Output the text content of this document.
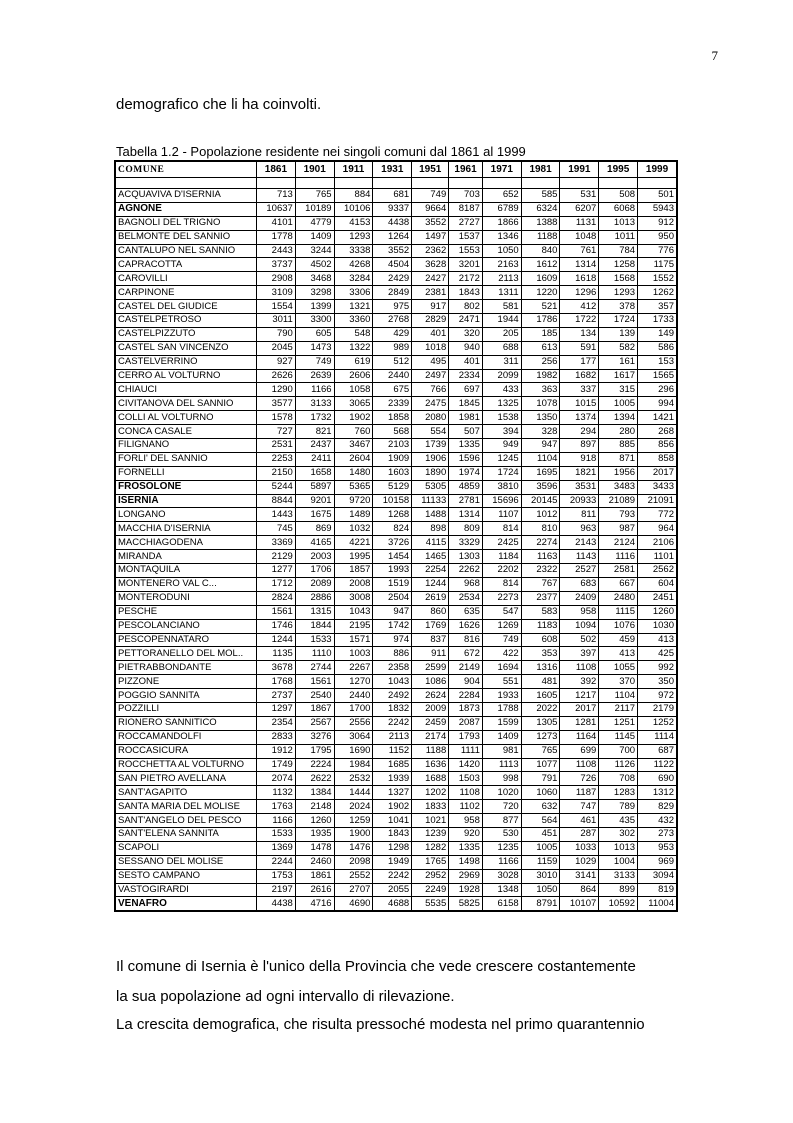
7
demografico che li ha coinvolti.
Tabella 1.2 - Popolazione residente nei singoli comuni dal 1861 al 1999
COMUNE	1861	1901	1911	1931	1951	1961	1971	1981	1991	1995	1999

ACQUAVIVA D'ISERNIA	713	765	884	681	749	703	652	585	531	508	501
AGNONE	10637	10189	10106	9337	9664	8187	6789	6324	6207	6068	5943
BAGNOLI DEL TRIGNO	4101	4779	4153	4438	3552	2727	1866	1388	1131	1013	912
BELMONTE DEL SANNIO	1778	1409	1293	1264	1497	1537	1346	1188	1048	1011	950
CANTALUPO NEL SANNIO	2443	3244	3338	3552	2362	1553	1050	840	761	784	776
CAPRACOTTA	3737	4502	4268	4504	3628	3201	2163	1612	1314	1258	1175
CAROVILLI	2908	3468	3284	2429	2427	2172	2113	1609	1618	1568	1552
CARPINONE	3109	3298	3306	2849	2381	1843	1311	1220	1296	1293	1262
CASTEL DEL GIUDICE	1554	1399	1321	975	917	802	581	521	412	378	357
CASTELPETROSO	3011	3300	3360	2768	2829	2471	1944	1786	1722	1724	1733
CASTELPIZZUTO	790	605	548	429	401	320	205	185	134	139	149
CASTEL SAN VINCENZO	2045	1473	1322	989	1018	940	688	613	591	582	586
CASTELVERRINO	927	749	619	512	495	401	311	256	177	161	153
CERRO AL VOLTURNO	2626	2639	2606	2440	2497	2334	2099	1982	1682	1617	1565
CHIAUCI	1290	1166	1058	675	766	697	433	363	337	315	296
CIVITANOVA DEL SANNIO	3577	3133	3065	2339	2475	1845	1325	1078	1015	1005	994
COLLI AL VOLTURNO	1578	1732	1902	1858	2080	1981	1538	1350	1374	1394	1421
CONCA CASALE	727	821	760	568	554	507	394	328	294	280	268
FILIGNANO	2531	2437	3467	2103	1739	1335	949	947	897	885	856
FORLI' DEL SANNIO	2253	2411	2604	1909	1906	1596	1245	1104	918	871	858
FORNELLI	2150	1658	1480	1603	1890	1974	1724	1695	1821	1956	2017
FROSOLONE	5244	5897	5365	5129	5305	4859	3810	3596	3531	3483	3433
ISERNIA	8844	9201	9720	10158	11133	2781	15696	20145	20933	21089	21091
LONGANO	1443	1675	1489	1268	1488	1314	1107	1012	811	793	772
MACCHIA D'ISERNIA	745	869	1032	824	898	809	814	810	963	987	964
MACCHIAGODENA	3369	4165	4221	3726	4115	3329	2425	2274	2143	2124	2106
MIRANDA	2129	2003	1995	1454	1465	1303	1184	1163	1143	1116	1101
MONTAQUILA	1277	1706	1857	1993	2254	2262	2202	2322	2527	2581	2562
MONTENERO VAL C...	1712	2089	2008	1519	1244	968	814	767	683	667	604
MONTERODUNI	2824	2886	3008	2504	2619	2534	2273	2377	2409	2480	2451
PESCHE	1561	1315	1043	947	860	635	547	583	958	1115	1260
PESCOLANCIANO	1746	1844	2195	1742	1769	1626	1269	1183	1094	1076	1030
PESCOPENNATARO	1244	1533	1571	974	837	816	749	608	502	459	413
PETTORANELLO DEL MOL..	1135	1110	1003	886	911	672	422	353	397	413	425
PIETRABBONDANTE	3678	2744	2267	2358	2599	2149	1694	1316	1108	1055	992
PIZZONE	1768	1561	1270	1043	1086	904	551	481	392	370	350
POGGIO SANNITA	2737	2540	2440	2492	2624	2284	1933	1605	1217	1104	972
POZZILLI	1297	1867	1700	1832	2009	1873	1788	2022	2017	2117	2179
RIONERO SANNITICO	2354	2567	2556	2242	2459	2087	1599	1305	1281	1251	1252
ROCCAMANDOLFI	2833	3276	3064	2113	2174	1793	1409	1273	1164	1145	1114
ROCCASICURA	1912	1795	1690	1152	1188	1111	981	765	699	700	687
ROCCHETTA AL VOLTURNO	1749	2224	1984	1685	1636	1420	1113	1077	1108	1126	1122
SAN PIETRO AVELLANA	2074	2622	2532	1939	1688	1503	998	791	726	708	690
SANT'AGAPITO	1132	1384	1444	1327	1202	1108	1020	1060	1187	1283	1312
SANTA MARIA DEL MOLISE	1763	2148	2024	1902	1833	1102	720	632	747	789	829
SANT'ANGELO DEL PESCO	1166	1260	1259	1041	1021	958	877	564	461	435	432
SANT'ELENA SANNITA	1533	1935	1900	1843	1239	920	530	451	287	302	273
SCAPOLI	1369	1478	1476	1298	1282	1335	1235	1005	1033	1013	953
SESSANO DEL MOLISE	2244	2460	2098	1949	1765	1498	1166	1159	1029	1004	969
SESTO CAMPANO	1753	1861	2552	2242	2952	2969	3028	3010	3141	3133	3094
VASTOGIRARDI	2197	2616	2707	2055	2249	1928	1348	1050	864	899	819
VENAFRO	4438	4716	4690	4688	5535	5825	6158	8791	10107	10592	11004
Il comune di Isernia è l'unico della Provincia che vede crescere costantemente
la sua popolazione ad ogni intervallo di rilevazione.
La crescita demografica, che risulta pressoché modesta nel primo quarantennio
